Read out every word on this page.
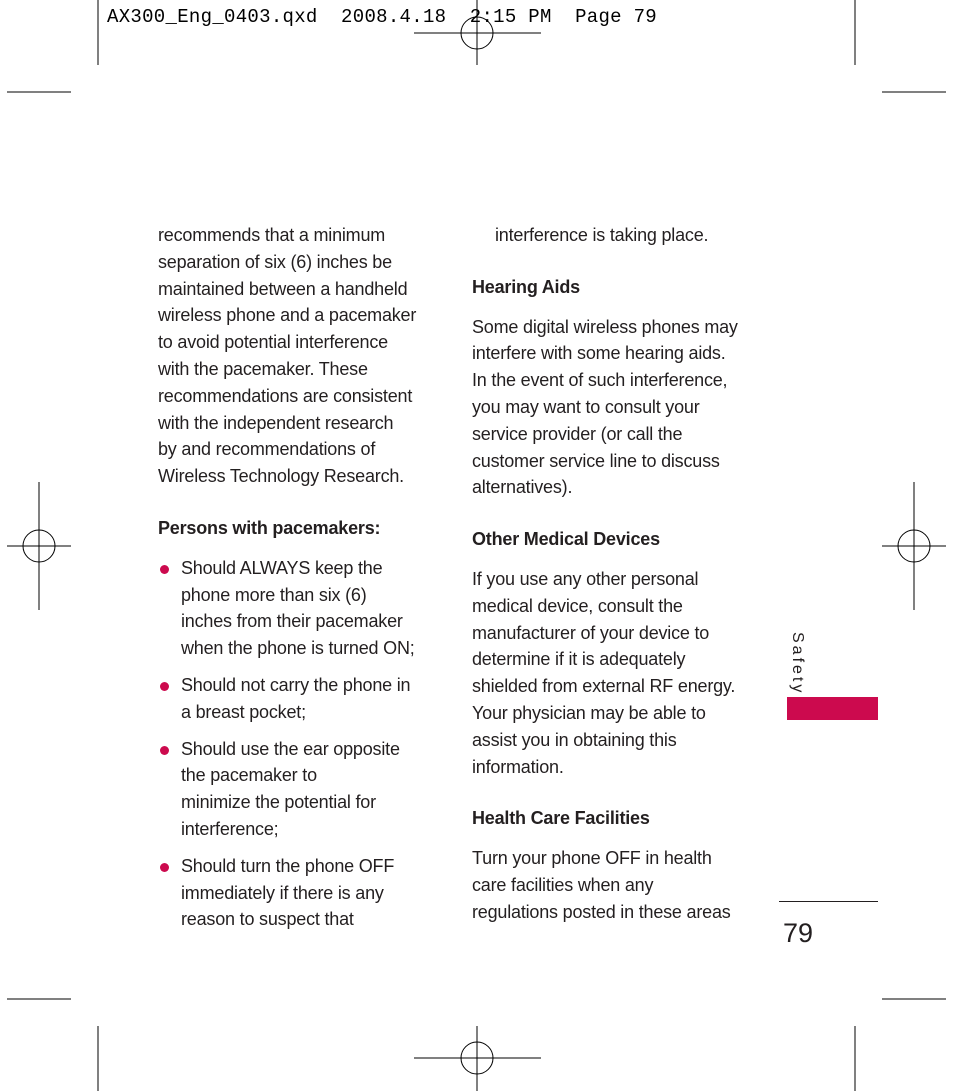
AX300_Eng_0403.qxd  2008.4.18  2:15 PM  Page 79

recommends that a minimum
separation of six (6) inches be
maintained between a handheld
wireless phone and a pacemaker
to avoid potential interference
with the pacemaker. These
recommendations are consistent
with the independent research
by and recommendations of
Wireless Technology Research.

Persons with pacemakers:
Should ALWAYS keep the
phone more than six (6)
inches from their pacemaker
when the phone is turned ON;
Should not carry the phone in
a breast pocket;
Should use the ear opposite
the pacemaker to
minimize the potential for
interference;
Should turn the phone OFF
immediately if there is any
reason to suspect that

interference is taking place.

Hearing Aids

Some digital wireless phones may
interfere with some hearing aids.
In the event of such interference,
you may want to consult your
service provider (or call the
customer service line to discuss
alternatives).

Other Medical Devices

If you use any other personal
medical device, consult the
manufacturer of your device to
determine if it is adequately
shielded from external RF energy.
Your physician may be able to
assist you in obtaining this
information.

Health Care Facilities

Turn your phone OFF in health
care facilities when any
regulations posted in these areas

Safety
79
